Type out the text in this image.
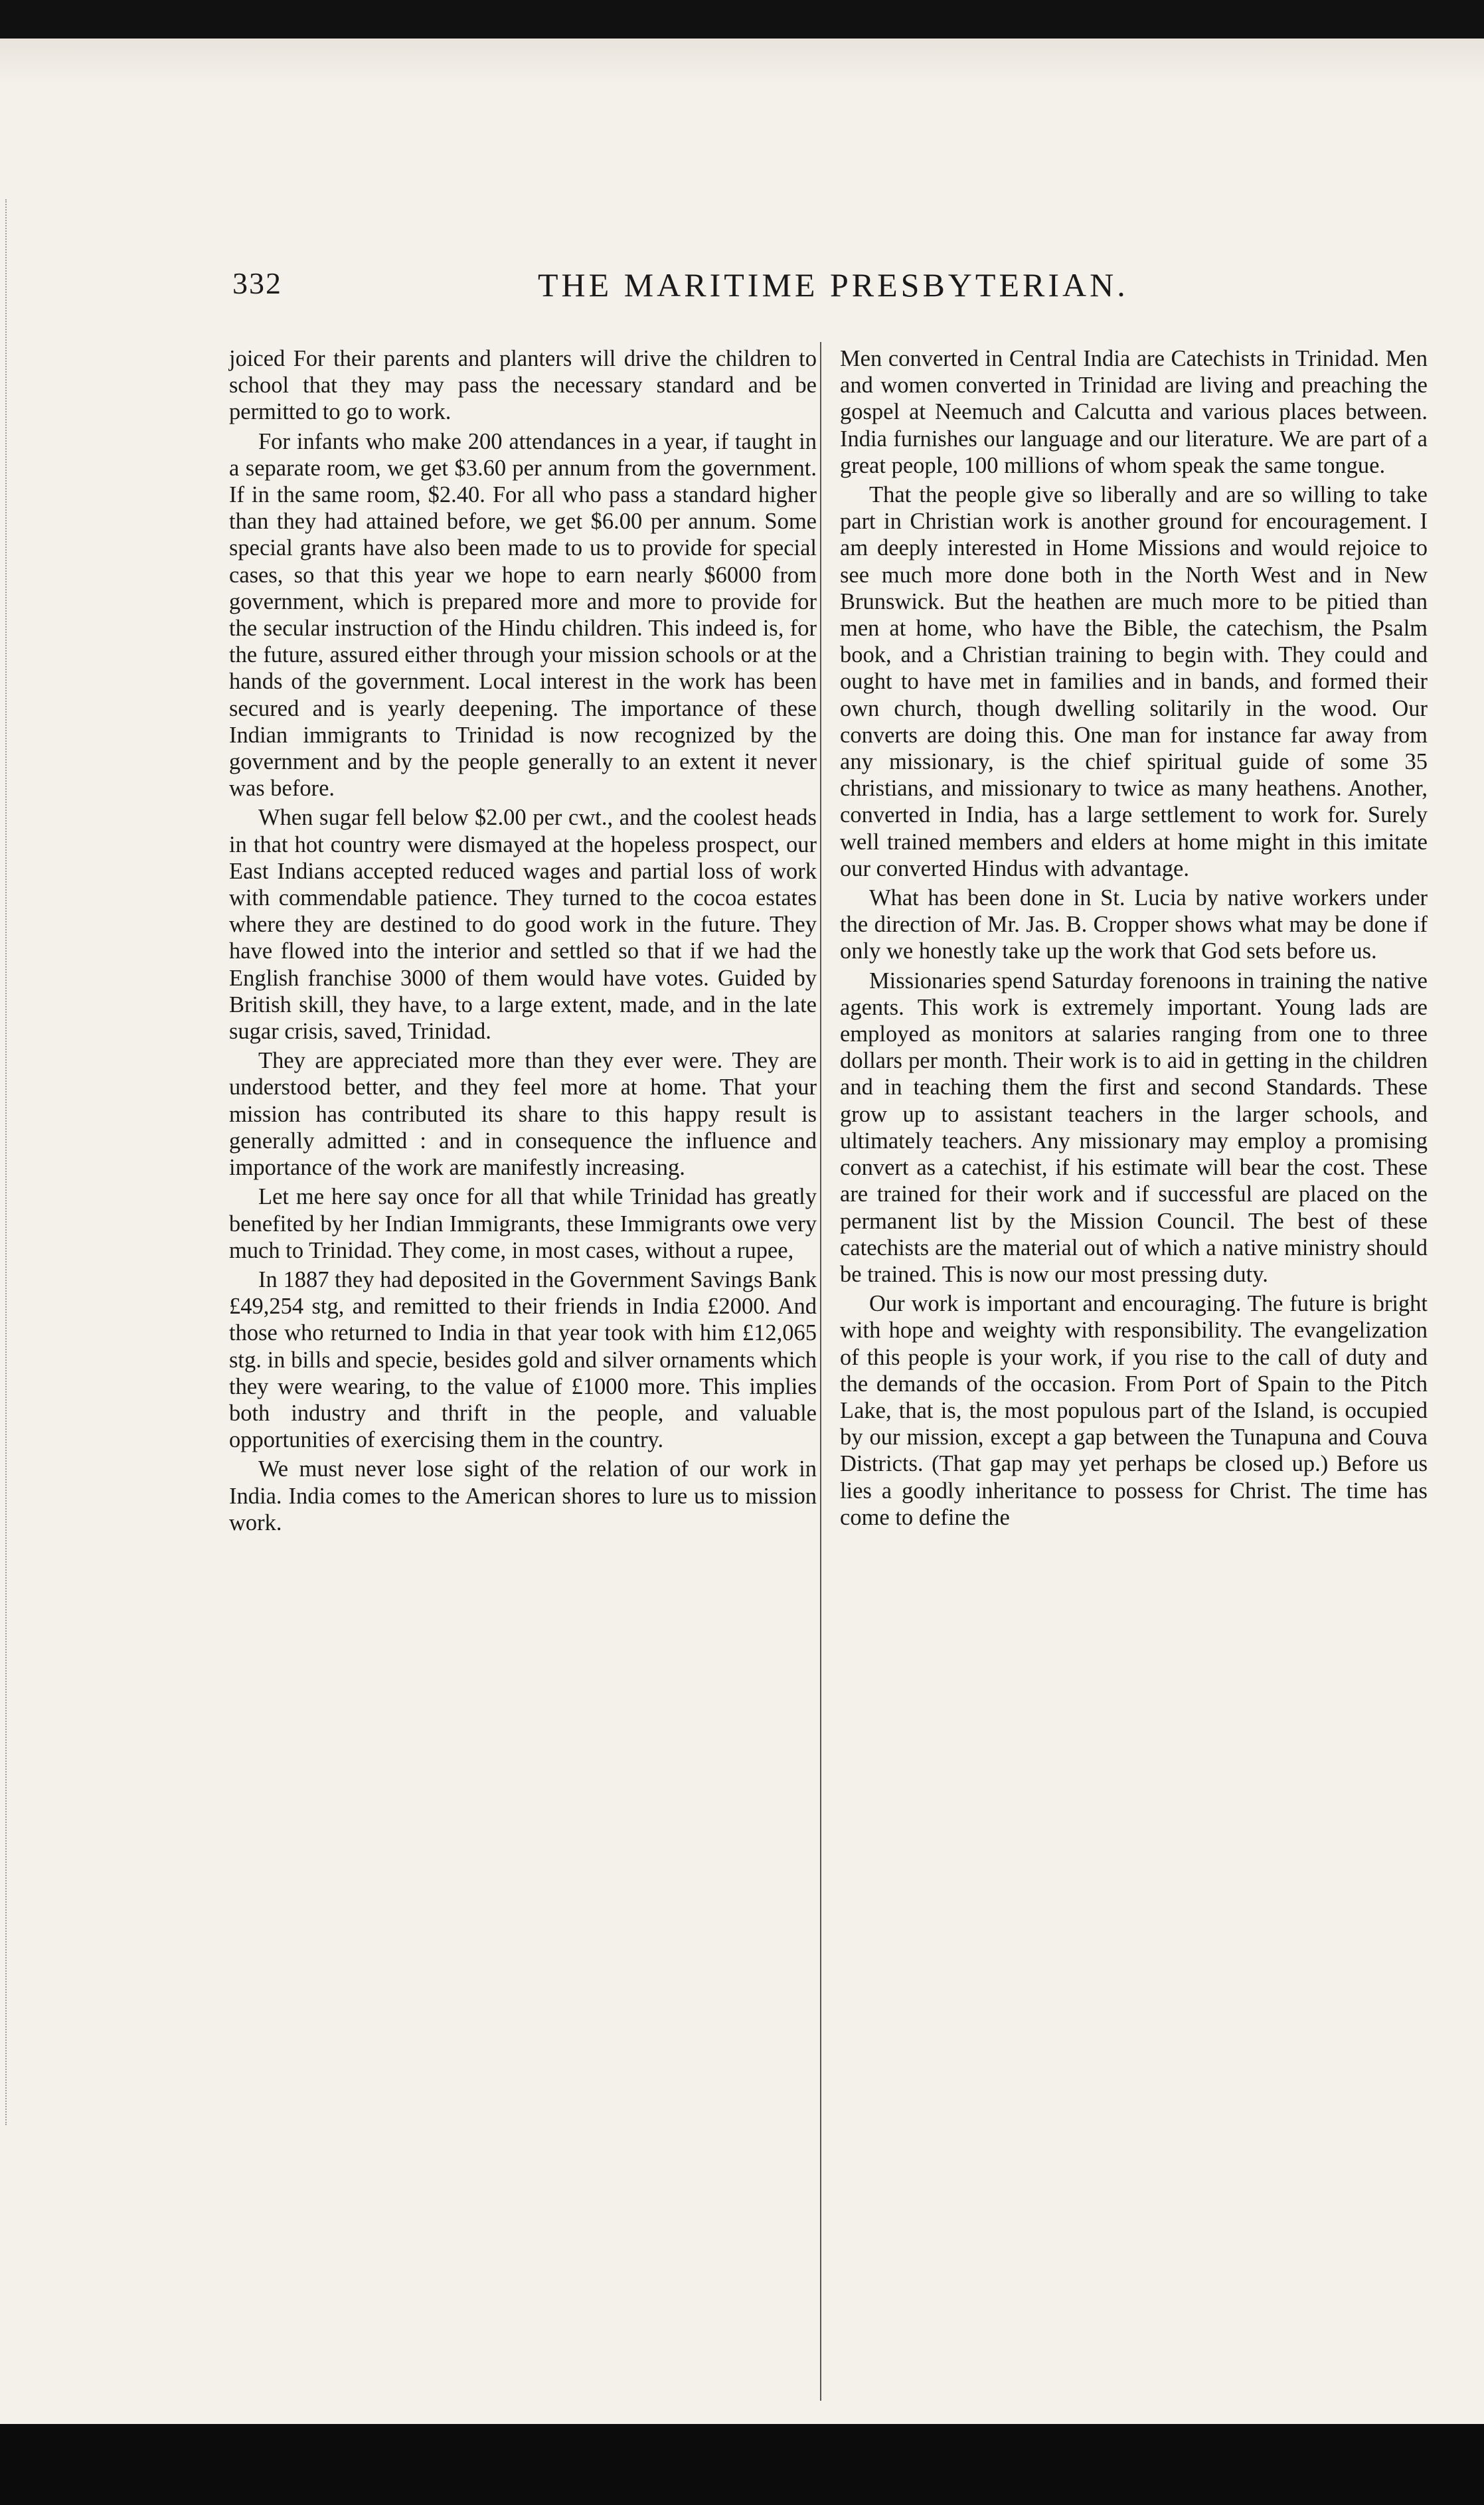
332	THE MARITIME PRESBYTERIAN.

joiced For their parents and planters will drive the children to school that they may pass the necessary standard and be permitted to go to work.

For infants who make 200 attendances in a year, if taught in a separate room, we get $3.60 per annum from the government. If in the same room, $2.40. For all who pass a standard higher than they had attained before, we get $6.00 per annum. Some special grants have also been made to us to provide for special cases, so that this year we hope to earn nearly $6000 from government, which is prepared more and more to provide for the secular instruction of the Hindu children. This indeed is, for the future, assured either through your mission schools or at the hands of the government. Local interest in the work has been secured and is yearly deepening. The importance of these Indian immigrants to Trinidad is now recognized by the government and by the people generally to an extent it never was before.

When sugar fell below $2.00 per cwt., and the coolest heads in that hot country were dismayed at the hopeless prospect, our East Indians accepted reduced wages and partial loss of work with commendable patience. They turned to the cocoa estates where they are destined to do good work in the future. They have flowed into the interior and settled so that if we had the English franchise 3000 of them would have votes. Guided by British skill, they have, to a large extent, made, and in the late sugar crisis, saved, Trinidad.

They are appreciated more than they ever were. They are understood better, and they feel more at home. That your mission has contributed its share to this happy result is generally admitted : and in consequence the influence and importance of the work are manifestly increasing.

Let me here say once for all that while Trinidad has greatly benefited by her Indian Immigrants, these Immigrants owe very much to Trinidad. They come, in most cases, without a rupee,

In 1887 they had deposited in the Government Savings Bank £49,254 stg, and remitted to their friends in India £2000. And those who returned to India in that year took with him £12,065 stg. in bills and specie, besides gold and silver ornaments which they were wearing, to the value of £1000 more. This implies both industry and thrift in the people, and valuable opportunities of exercising them in the country.

We must never lose sight of the relation of our work in India. India comes to the American shores to lure us to mission work.

Men converted in Central India are Catechists in Trinidad. Men and women converted in Trinidad are living and preaching the gospel at Neemuch and Calcutta and various places between. India furnishes our language and our literature. We are part of a great people, 100 millions of whom speak the same tongue.

That the people give so liberally and are so willing to take part in Christian work is another ground for encouragement. I am deeply interested in Home Missions and would rejoice to see much more done both in the North West and in New Brunswick. But the heathen are much more to be pitied than men at home, who have the Bible, the catechism, the Psalm book, and a Christian training to begin with. They could and ought to have met in families and in bands, and formed their own church, though dwelling solitarily in the wood. Our converts are doing this. One man for instance far away from any missionary, is the chief spiritual guide of some 35 christians, and missionary to twice as many heathens. Another, converted in India, has a large settlement to work for. Surely well trained members and elders at home might in this imitate our converted Hindus with advantage.

What has been done in St. Lucia by native workers under the direction of Mr. Jas. B. Cropper shows what may be done if only we honestly take up the work that God sets before us.

Missionaries spend Saturday forenoons in training the native agents. This work is extremely important. Young lads are employed as monitors at salaries ranging from one to three dollars per month. Their work is to aid in getting in the children and in teaching them the first and second Standards. These grow up to assistant teachers in the larger schools, and ultimately teachers. Any missionary may employ a promising convert as a catechist, if his estimate will bear the cost. These are trained for their work and if successful are placed on the permanent list by the Mission Council. The best of these catechists are the material out of which a native ministry should be trained. This is now our most pressing duty.

Our work is important and encouraging. The future is bright with hope and weighty with responsibility. The evangelization of this people is your work, if you rise to the call of duty and the demands of the occasion. From Port of Spain to the Pitch Lake, that is, the most populous part of the Island, is occupied by our mission, except a gap between the Tunapuna and Couva Districts. (That gap may yet perhaps be closed up.) Before us lies a goodly inheritance to possess for Christ. The time has come to define the
